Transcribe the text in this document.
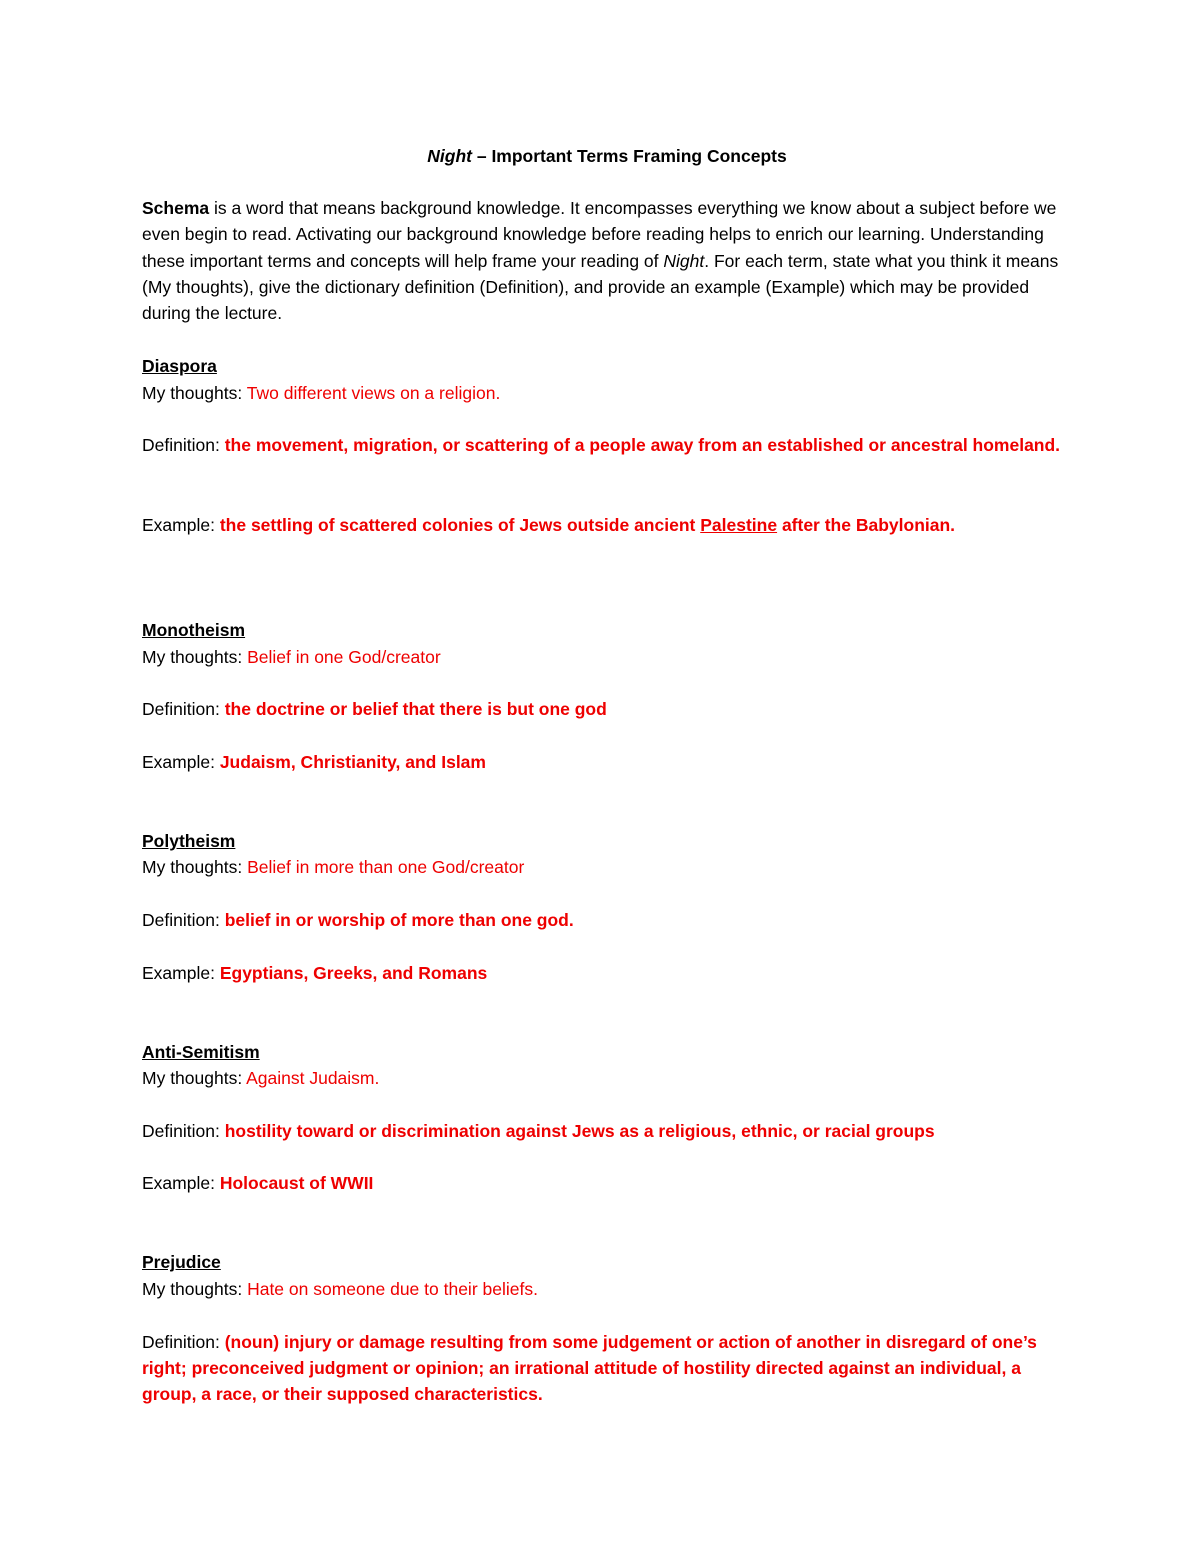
Night – Important Terms Framing Concepts
Schema is a word that means background knowledge. It encompasses everything we know about a subject before we even begin to read. Activating our background knowledge before reading helps to enrich our learning. Understanding these important terms and concepts will help frame your reading of Night. For each term, state what you think it means (My thoughts), give the dictionary definition (Definition), and provide an example (Example) which may be provided during the lecture.
Diaspora
My thoughts: Two different views on a religion.
Definition: the movement, migration, or scattering of a people away from an established or ancestral homeland.
Example: the settling of scattered colonies of Jews outside ancient Palestine after the Babylonian.
Monotheism
My thoughts: Belief in one God/creator
Definition: the doctrine or belief that there is but one god
Example: Judaism, Christianity, and Islam
Polytheism
My thoughts: Belief in more than one God/creator
Definition: belief in or worship of more than one god.
Example: Egyptians, Greeks, and Romans
Anti-Semitism
My thoughts: Against Judaism.
Definition: hostility toward or discrimination against Jews as a religious, ethnic, or racial groups
Example: Holocaust of WWII
Prejudice
My thoughts: Hate on someone due to their beliefs.
Definition: (noun) injury or damage resulting from some judgement or action of another in disregard of one’s right; preconceived judgment or opinion; an irrational attitude of hostility directed against an individual, a group, a race, or their supposed characteristics.
